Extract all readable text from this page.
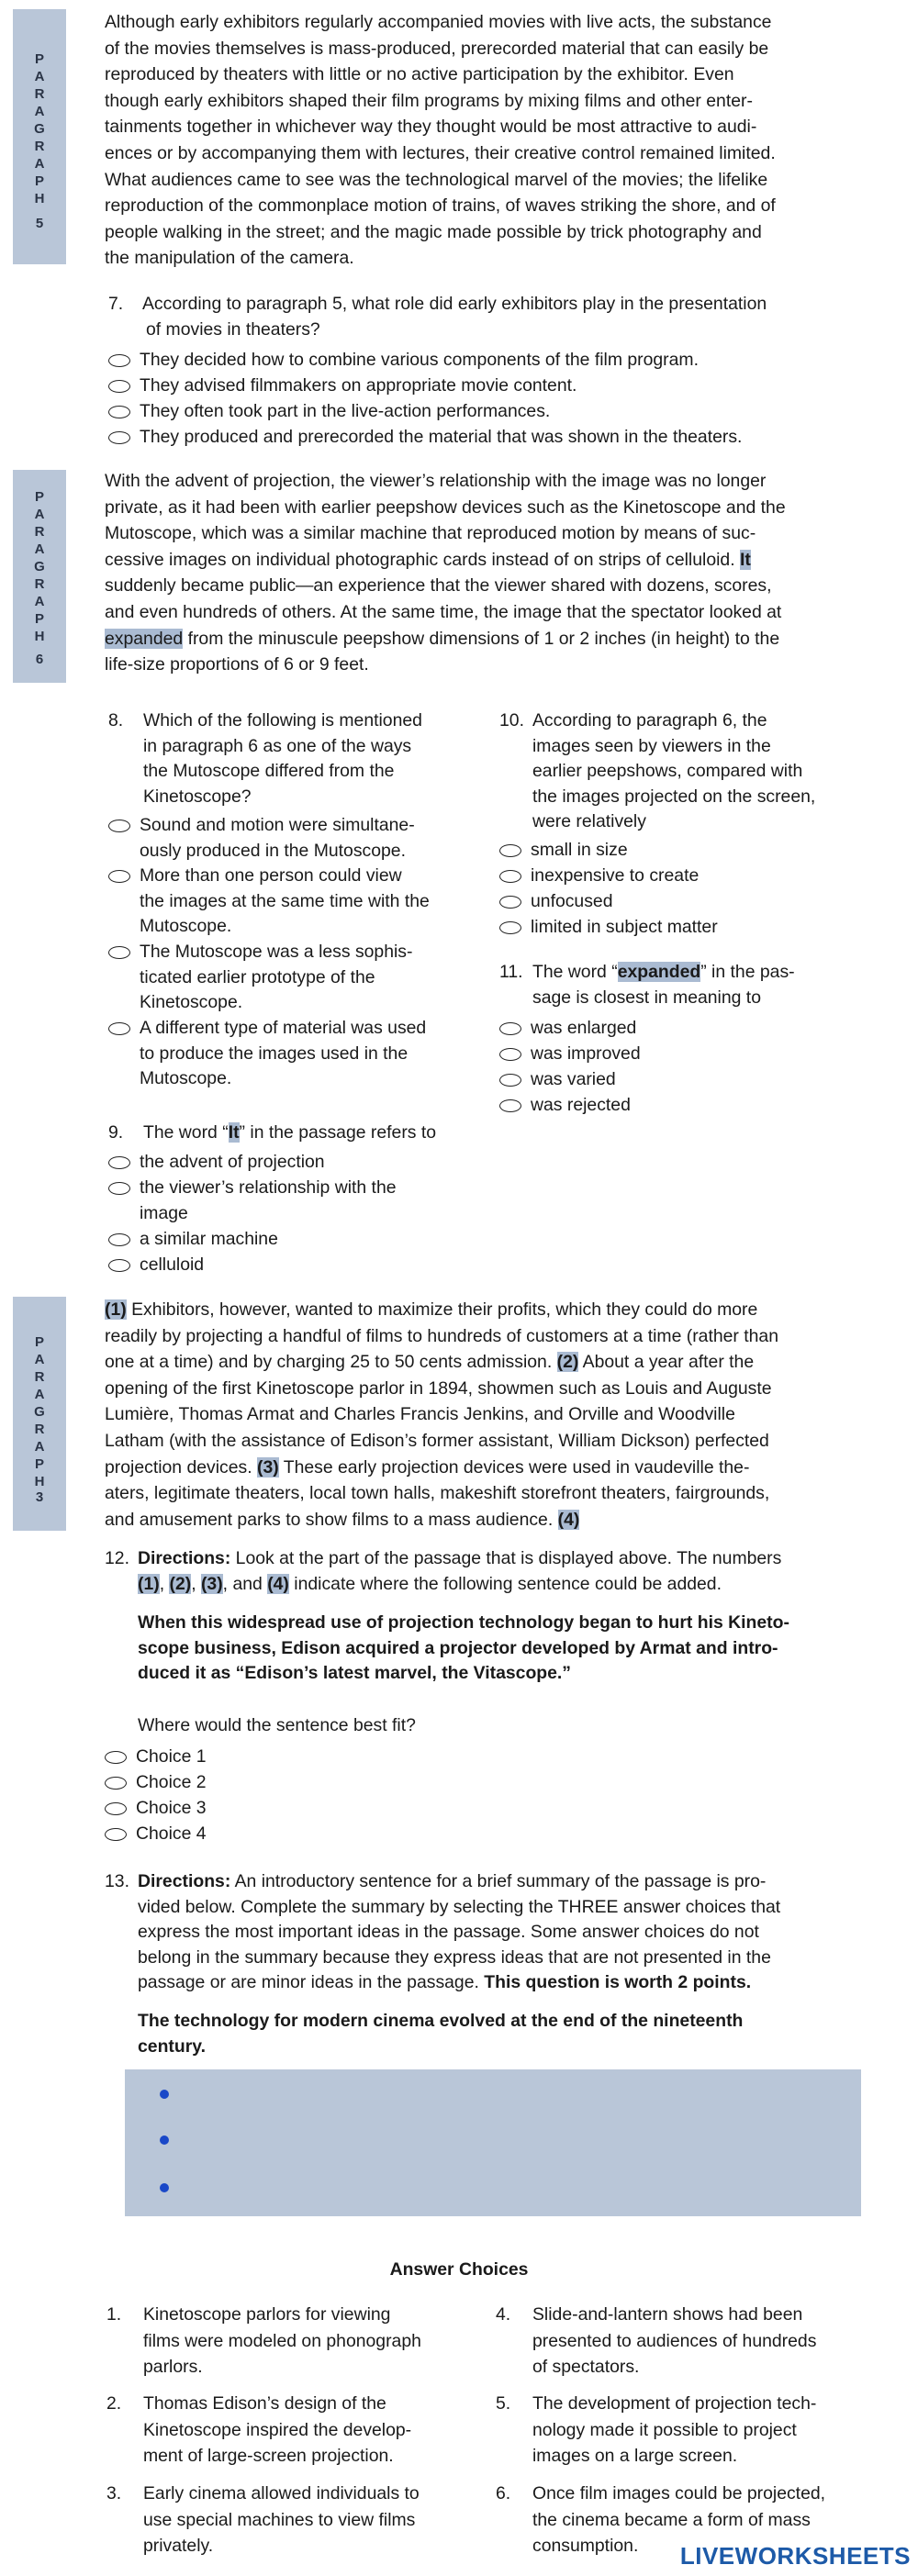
P
A
R
A
G
R
A
P
H
5
Although early exhibitors regularly accompanied movies with live acts, the substance
of the movies themselves is mass-produced, prerecorded material that can easily be
reproduced by theaters with little or no active participation by the exhibitor. Even
though early exhibitors shaped their film programs by mixing films and other enter-
tainments together in whichever way they thought would be most attractive to audi-
ences or by accompanying them with lectures, their creative control remained limited.
What audiences came to see was the technological marvel of the movies; the lifelike
reproduction of the commonplace motion of trains, of waves striking the shore, and of
people walking in the street; and the magic made possible by trick photography and
the manipulation of the camera.
7. According to paragraph 5, what role did early exhibitors play in the presentation
of movies in theaters?
They decided how to combine various components of the film program.
They advised filmmakers on appropriate movie content.
They often took part in the live-action performances.
They produced and prerecorded the material that was shown in the theaters.
P
A
R
A
G
R
A
P
H
6
With the advent of projection, the viewer’s relationship with the image was no longer
private, as it had been with earlier peepshow devices such as the Kinetoscope and the
Mutoscope, which was a similar machine that reproduced motion by means of suc-
cessive images on individual photographic cards instead of on strips of celluloid. It
suddenly became public—an experience that the viewer shared with dozens, scores,
and even hundreds of others. At the same time, the image that the spectator looked at
expanded from the minuscule peepshow dimensions of 1 or 2 inches (in height) to the
life-size proportions of 6 or 9 feet.
8. Which of the following is mentioned
in paragraph 6 as one of the ways
the Mutoscope differed from the
Kinetoscope?
Sound and motion were simultane-
ously produced in the Mutoscope.
More than one person could view
the images at the same time with the
Mutoscope.
The Mutoscope was a less sophis-
ticated earlier prototype of the
Kinetoscope.
A different type of material was used
to produce the images used in the
Mutoscope.
9. The word “It” in the passage refers to
the advent of projection
the viewer’s relationship with the
image
a similar machine
celluloid
10. According to paragraph 6, the
images seen by viewers in the
earlier peepshows, compared with
the images projected on the screen,
were relatively
small in size
inexpensive to create
unfocused
limited in subject matter
11. The word “expanded” in the pas-
sage is closest in meaning to
was enlarged
was improved
was varied
was rejected
P
A
R
A
G
R
A
P
H
3
(1) Exhibitors, however, wanted to maximize their profits, which they could do more
readily by projecting a handful of films to hundreds of customers at a time (rather than
one at a time) and by charging 25 to 50 cents admission. (2) About a year after the
opening of the first Kinetoscope parlor in 1894, showmen such as Louis and Auguste
Lumière, Thomas Armat and Charles Francis Jenkins, and Orville and Woodville
Latham (with the assistance of Edison’s former assistant, William Dickson) perfected
projection devices. (3) These early projection devices were used in vaudeville the-
aters, legitimate theaters, local town halls, makeshift storefront theaters, fairgrounds,
and amusement parks to show films to a mass audience. (4)
12. Directions: Look at the part of the passage that is displayed above. The numbers
(1), (2), (3), and (4) indicate where the following sentence could be added.
When this widespread use of projection technology began to hurt his Kineto-
scope business, Edison acquired a projector developed by Armat and intro-
duced it as “Edison’s latest marvel, the Vitascope.”
Where would the sentence best fit?
Choice 1
Choice 2
Choice 3
Choice 4
13. Directions: An introductory sentence for a brief summary of the passage is pro-
vided below. Complete the summary by selecting the THREE answer choices that
express the most important ideas in the passage. Some answer choices do not
belong in the summary because they express ideas that are not presented in the
passage or are minor ideas in the passage. This question is worth 2 points.
The technology for modern cinema evolved at the end of the nineteenth
century.
Answer Choices
1.	Kinetoscope parlors for viewing
films were modeled on phonograph
parlors.
2.	Thomas Edison’s design of the
Kinetoscope inspired the develop-
ment of large-screen projection.
3.	Early cinema allowed individuals to
use special machines to view films
privately.
4.	Slide-and-lantern shows had been
presented to audiences of hundreds
of spectators.
5.	The development of projection tech-
nology made it possible to project
images on a large screen.
6.	Once film images could be projected,
the cinema became a form of mass
consumption.	LIVEWORKSHEETS
